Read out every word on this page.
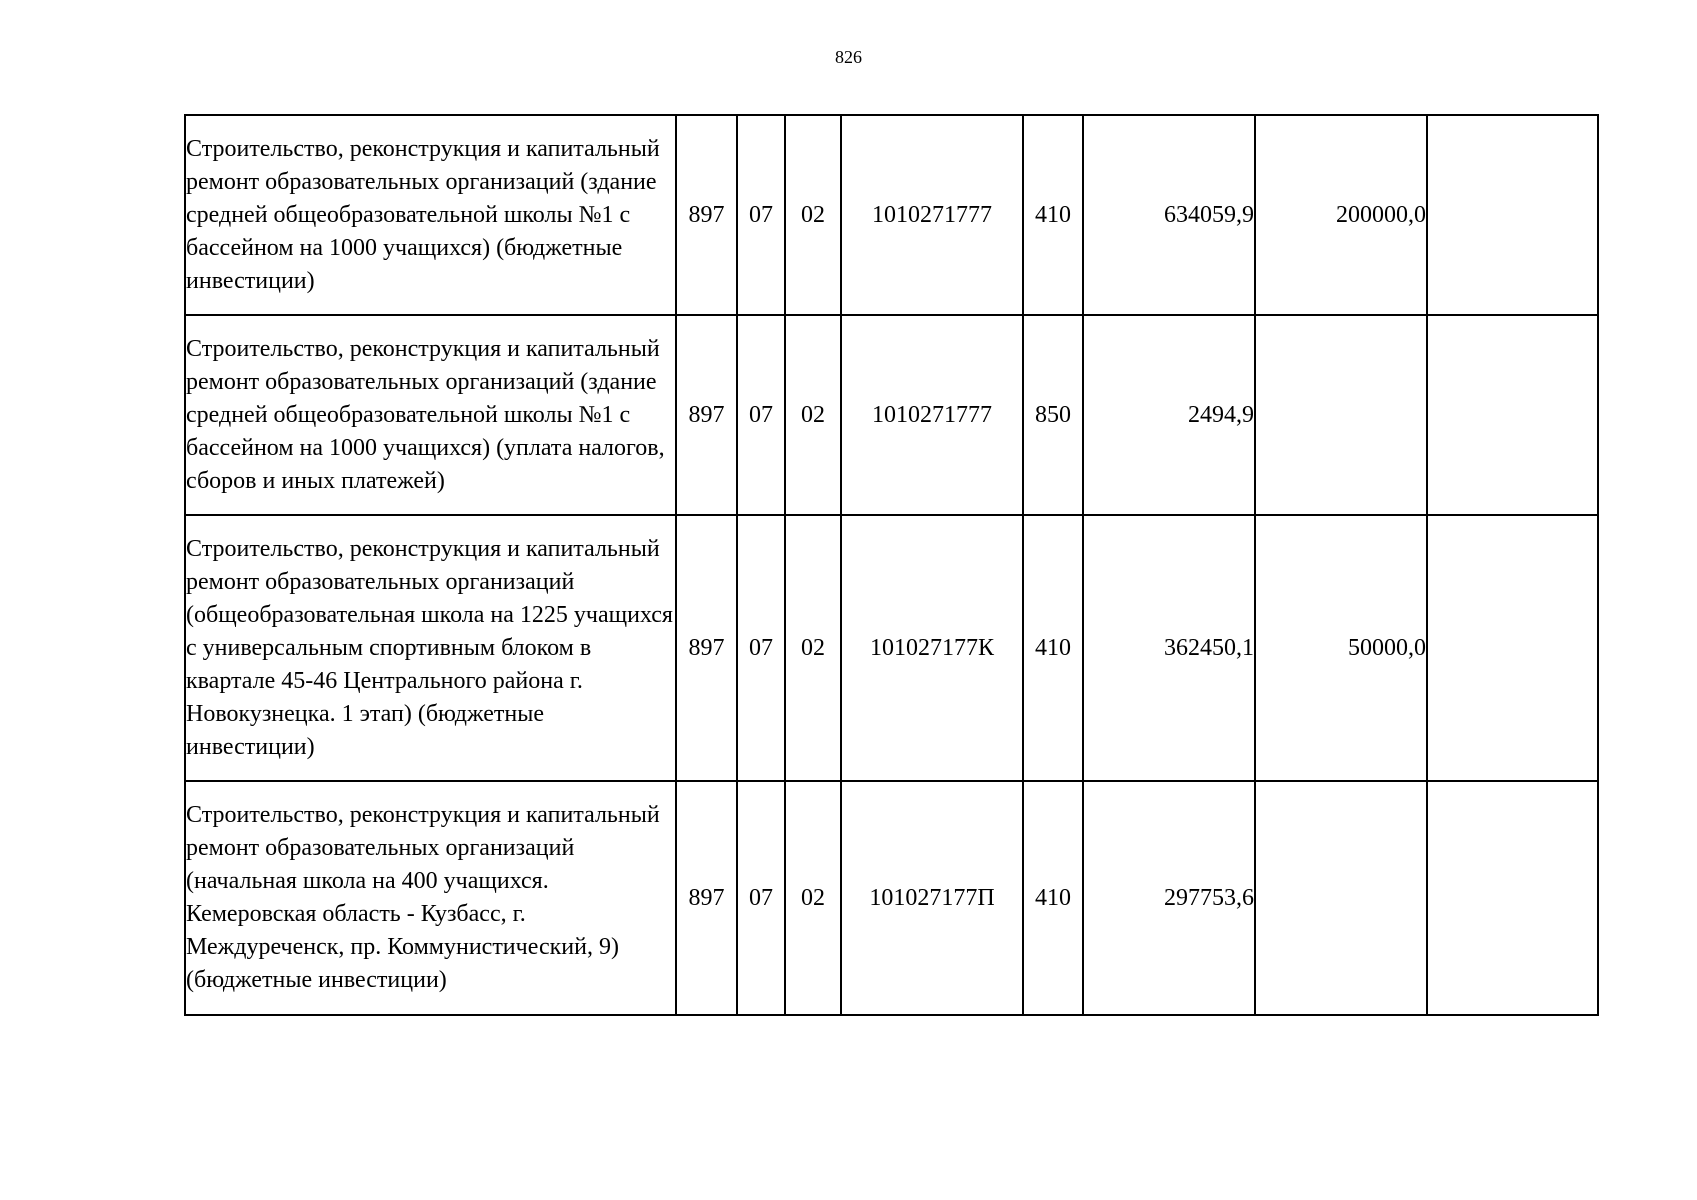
826
Строительство, реконструкция и капитальный ремонт образовательных организаций (здание средней общеобразовательной школы №1 с бассейном на 1000 учащихся) (бюджетные инвестиции)	897	07	02	1010271777	410	634059,9	200000,0	
Строительство, реконструкция и капитальный ремонт образовательных организаций (здание средней общеобразовательной школы №1 с бассейном на 1000 учащихся) (уплата налогов, сборов и иных платежей)	897	07	02	1010271777	850	2494,9		
Строительство, реконструкция и капитальный ремонт образовательных организаций (общеобразовательная школа на 1225 учащихся с универсальным спортивным блоком в квартале 45-46 Центрального района г. Новокузнецка. 1 этап) (бюджетные инвестиции)	897	07	02	101027177К	410	362450,1	50000,0	
Строительство, реконструкция и капитальный ремонт образовательных организаций (начальная школа на 400 учащихся. Кемеровская область - Кузбасс, г. Междуреченск, пр. Коммунистический, 9) (бюджетные инвестиции)	897	07	02	101027177П	410	297753,6		
